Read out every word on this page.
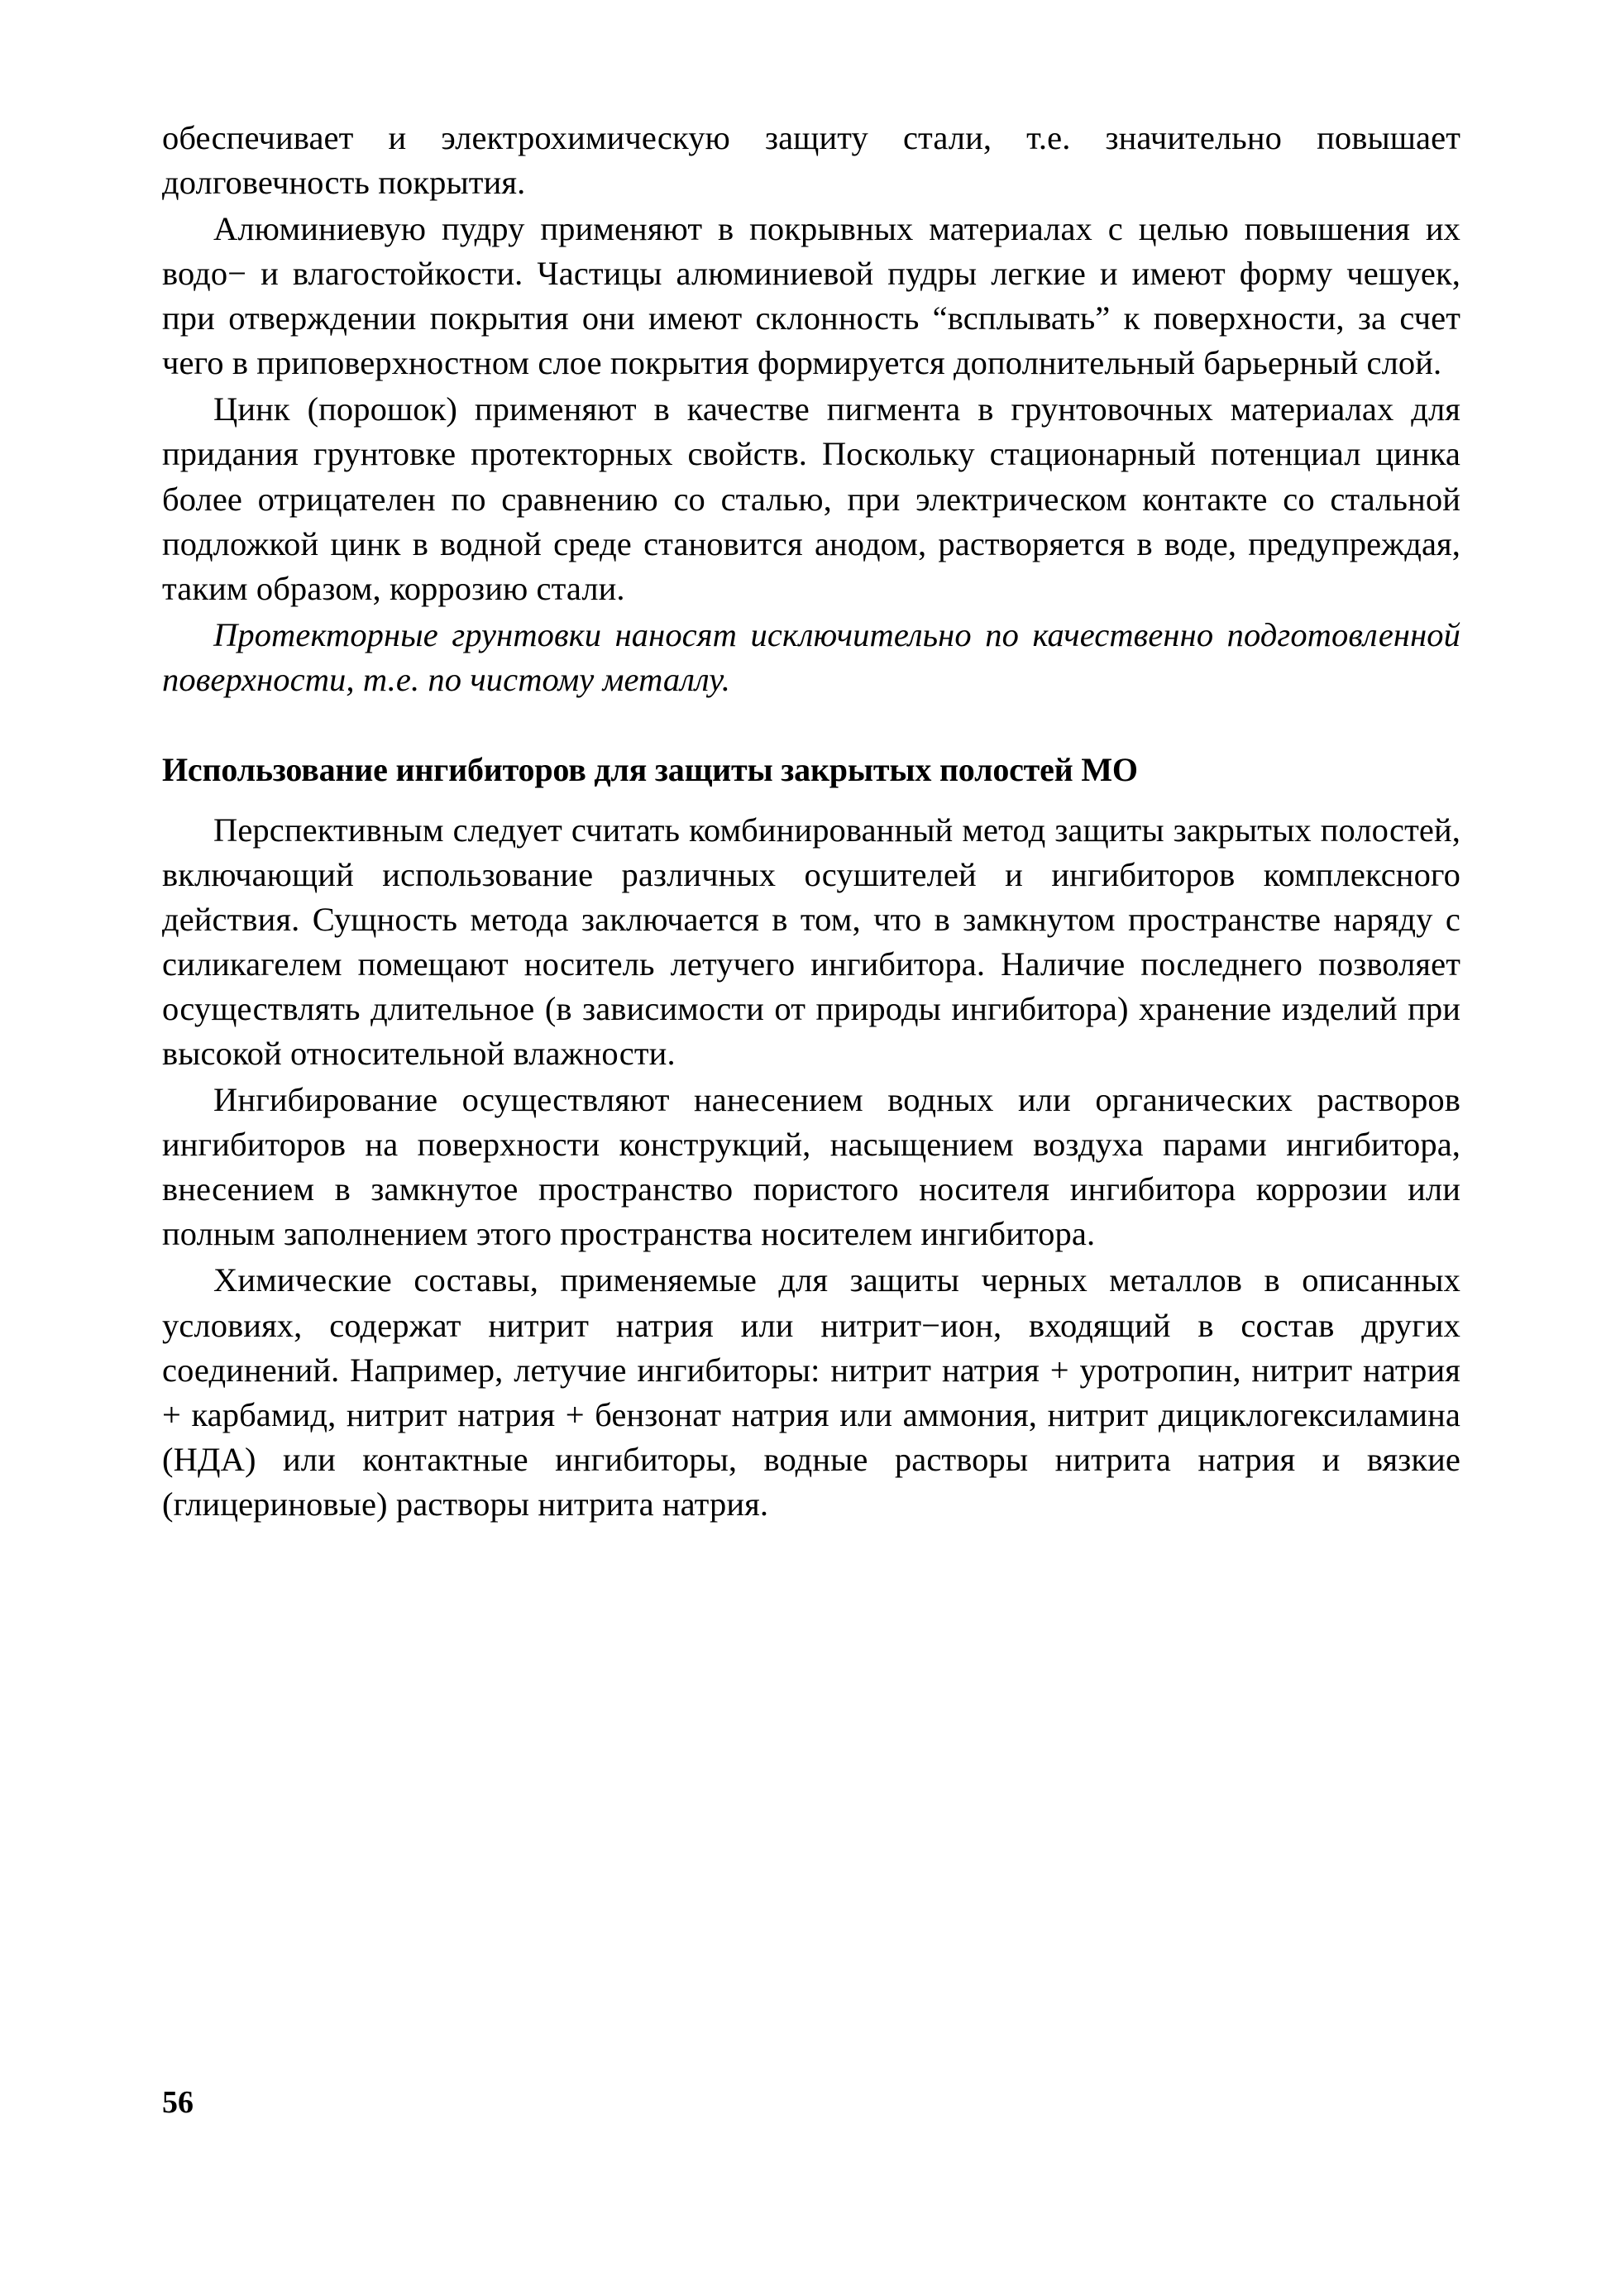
обеспечивает и электрохимическую защиту стали, т.е. значительно повышает долговечность покрытия.

Алюминиевую пудру применяют в покрывных материалах с целью повышения их водо− и влагостойкости. Частицы алюминиевой пудры легкие и имеют форму чешуек, при отверждении покрытия они имеют склонность “всплывать” к поверхности, за счет чего в приповерхностном слое покрытия формируется дополнительный барьерный слой.

Цинк (порошок) применяют в качестве пигмента в грунтовочных материалах для придания грунтовке протекторных свойств. Поскольку стационарный потенциал цинка более отрицателен по сравнению со сталью, при электрическом контакте со стальной подложкой цинк в водной среде становится анодом, растворяется в воде, предупреждая, таким образом, коррозию стали.

Протекторные грунтовки наносят исключительно по качественно подготовленной поверхности, т.е. по чистому металлу.

Использование ингибиторов для защиты закрытых полостей МО

Перспективным следует считать комбинированный метод защиты закрытых полостей, включающий использование различных осушителей и ингибиторов комплексного действия. Сущность метода заключается в том, что в замкнутом пространстве наряду с силикагелем помещают носитель летучего ингибитора. Наличие последнего позволяет осуществлять длительное (в зависимости от природы ингибитора) хранение изделий при высокой относительной влажности.

Ингибирование осуществляют нанесением водных или органических растворов ингибиторов на поверхности конструкций, насыщением воздуха парами ингибитора, внесением в замкнутое пространство пористого носителя ингибитора коррозии или полным заполнением этого пространства носителем ингибитора.

Химические составы, применяемые для защиты черных металлов в описанных условиях, содержат нитрит натрия или нитрит−ион, входящий в состав других соединений. Например, летучие ингибиторы: нитрит натрия + уротропин, нитрит натрия + карбамид, нитрит натрия + бензонат натрия или аммония, нитрит дициклогексиламина (НДА) или контактные ингибиторы, водные растворы нитрита натрия и вязкие (глицериновые) растворы нитрита натрия.

56
